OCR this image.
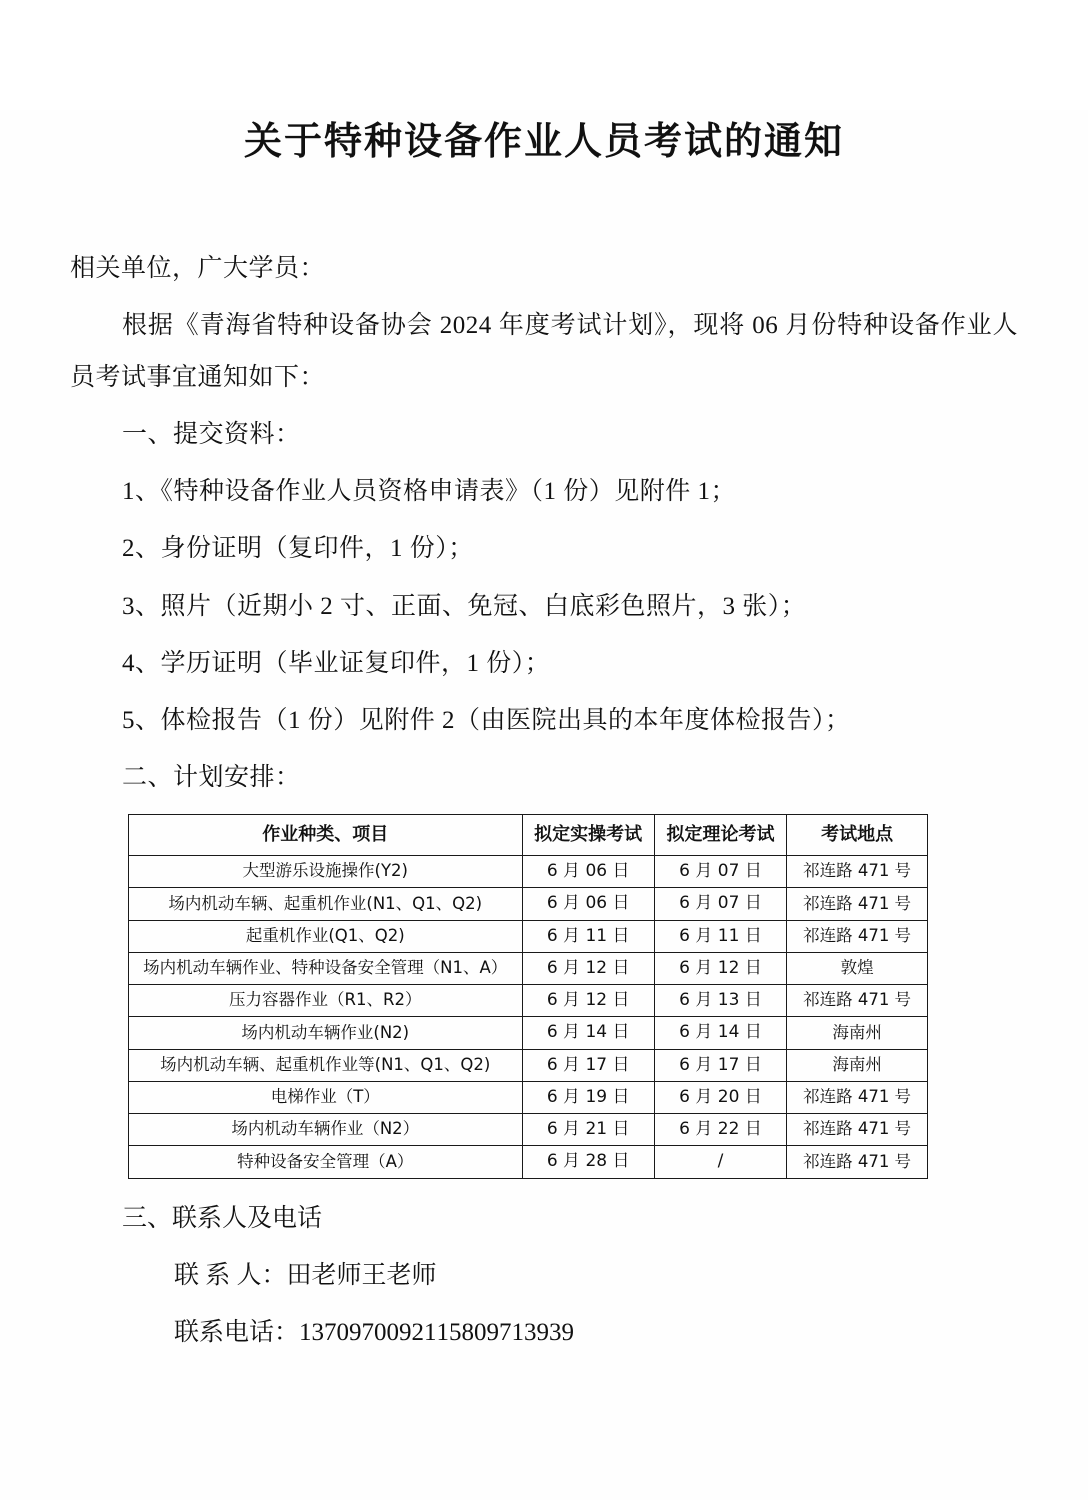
关于特种设备作业人员考试的通知

相关单位，广大学员：

根据《青海省特种设备协会 2024 年度考试计划》，现将 06 月份特种设备作业人员考试事宜通知如下：

一、提交资料：

1、《特种设备作业人员资格申请表》（1 份）见附件 1；

2、身份证明（复印件，1 份）；

3、照片（近期小 2 寸、正面、免冠、白底彩色照片，3 张）；

4、学历证明（毕业证复印件，1 份）；

5、体检报告（1 份）见附件 2（由医院出具的本年度体检报告）；

二、计划安排：

作业种类、项目	拟定实操考试	拟定理论考试	考试地点
大型游乐设施操作(Y2)	6 月 06 日	6 月 07 日	祁连路 471 号
场内机动车辆、起重机作业(N1、Q1、Q2)	6 月 06 日	6 月 07 日	祁连路 471 号
起重机作业(Q1、Q2)	6 月 11 日	6 月 11 日	祁连路 471 号
场内机动车辆作业、特种设备安全管理（N1、A）	6 月 12 日	6 月 12 日	敦煌
压力容器作业（R1、R2）	6 月 12 日	6 月 13 日	祁连路 471 号
场内机动车辆作业(N2)	6 月 14 日	6 月 14 日	海南州
场内机动车辆、起重机作业等(N1、Q1、Q2)	6 月 17 日	6 月 17 日	海南州
电梯作业（T）	6 月 19 日	6 月 20 日	祁连路 471 号
场内机动车辆作业（N2）	6 月 21 日	6 月 22 日	祁连路 471 号
特种设备安全管理（A）	6 月 28 日	/	祁连路 471 号

三、联系人及电话

联 系 人：田老师王老师

联系电话：1370970092115809713939
